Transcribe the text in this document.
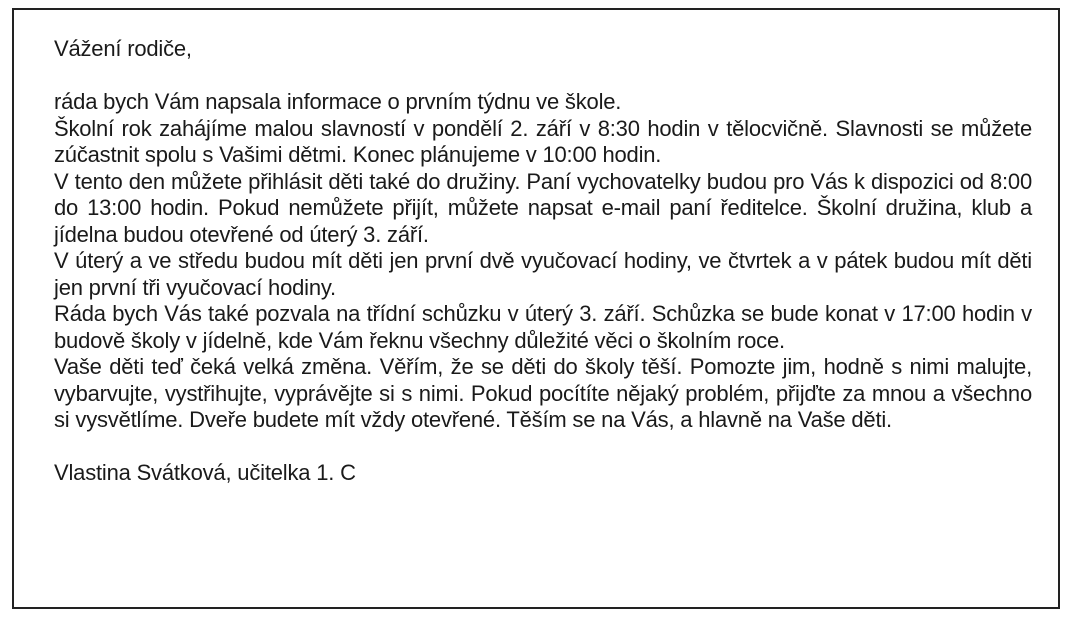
Vážení rodiče,

ráda bych Vám napsala informace o prvním týdnu ve škole.

Školní rok zahájíme malou slavností v pondělí 2. září v 8:30 hodin v tělocvičně. Slavnosti se můžete zúčastnit spolu s Vašimi dětmi. Konec plánujeme v 10:00 hodin.

V tento den můžete přihlásit děti také do družiny. Paní vychovatelky budou pro Vás k dispozici od 8:00 do 13:00 hodin. Pokud nemůžete přijít, můžete napsat e-mail paní ředitelce. Školní družina, klub a jídelna budou otevřené od úterý 3. září.

V úterý a ve středu budou mít děti jen první dvě vyučovací hodiny, ve čtvrtek a v pátek budou mít děti jen první tři vyučovací hodiny.

Ráda bych Vás také pozvala na třídní schůzku v úterý 3. září. Schůzka se bude konat v 17:00 hodin v budově školy v jídelně, kde Vám řeknu všechny důležité věci o školním roce.

Vaše děti teď čeká velká změna. Věřím, že se děti do školy těší. Pomozte jim, hodně s nimi malujte, vybarvujte, vystřihujte, vyprávějte si s nimi. Pokud pocítíte nějaký problém, přijďte za mnou a všechno si vysvětlíme. Dveře budete mít vždy otevřené. Těším se na Vás, a hlavně na Vaše děti.

Vlastina Svátková, učitelka 1. C
